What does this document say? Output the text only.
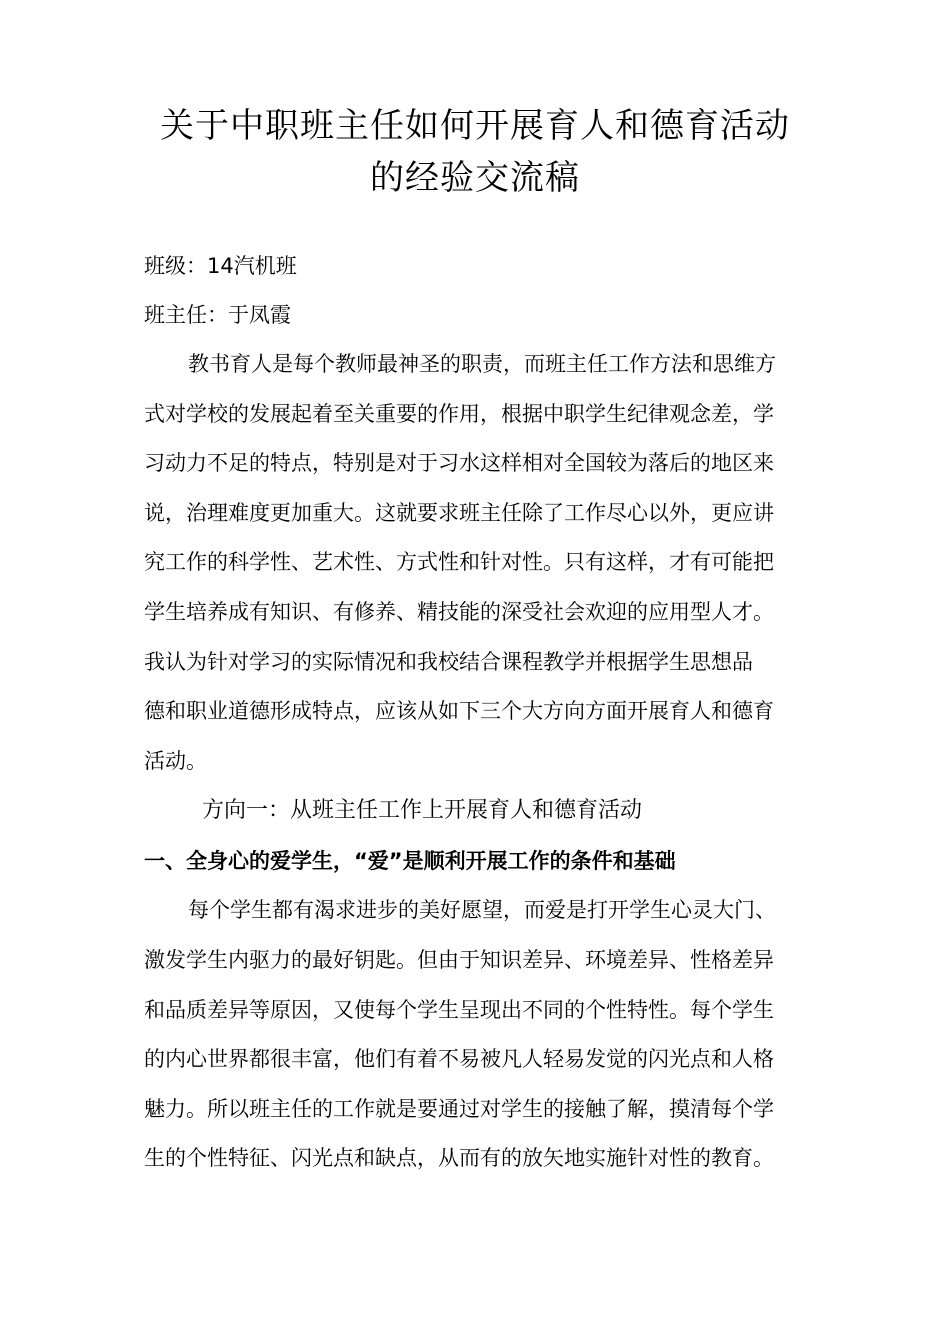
关于中职班主任如何开展育人和德育活动
的经验交流稿
班级：14汽机班
班主任：于凤霞

教书育人是每个教师最神圣的职责，而班主任工作方法和思维方
式对学校的发展起着至关重要的作用，根据中职学生纪律观念差，学
习动力不足的特点，特别是对于习水这样相对全国较为落后的地区来
说，治理难度更加重大。这就要求班主任除了工作尽心以外，更应讲
究工作的科学性、艺术性、方式性和针对性。只有这样，才有可能把
学生培养成有知识、有修养、精技能的深受社会欢迎的应用型人才。
我认为针对学习的实际情况和我校结合课程教学并根据学生思想品
德和职业道德形成特点，应该从如下三个大方向方面开展育人和德育
活动。

方向一：从班主任工作上开展育人和德育活动
一、全身心的爱学生，“爱”是顺利开展工作的条件和基础

每个学生都有渴求进步的美好愿望，而爱是打开学生心灵大门、
激发学生内驱力的最好钥匙。但由于知识差异、环境差异、性格差异
和品质差异等原因，又使每个学生呈现出不同的个性特性。每个学生
的内心世界都很丰富，他们有着不易被凡人轻易发觉的闪光点和人格
魅力。所以班主任的工作就是要通过对学生的接触了解，摸清每个学
生的个性特征、闪光点和缺点，从而有的放矢地实施针对性的教育。
